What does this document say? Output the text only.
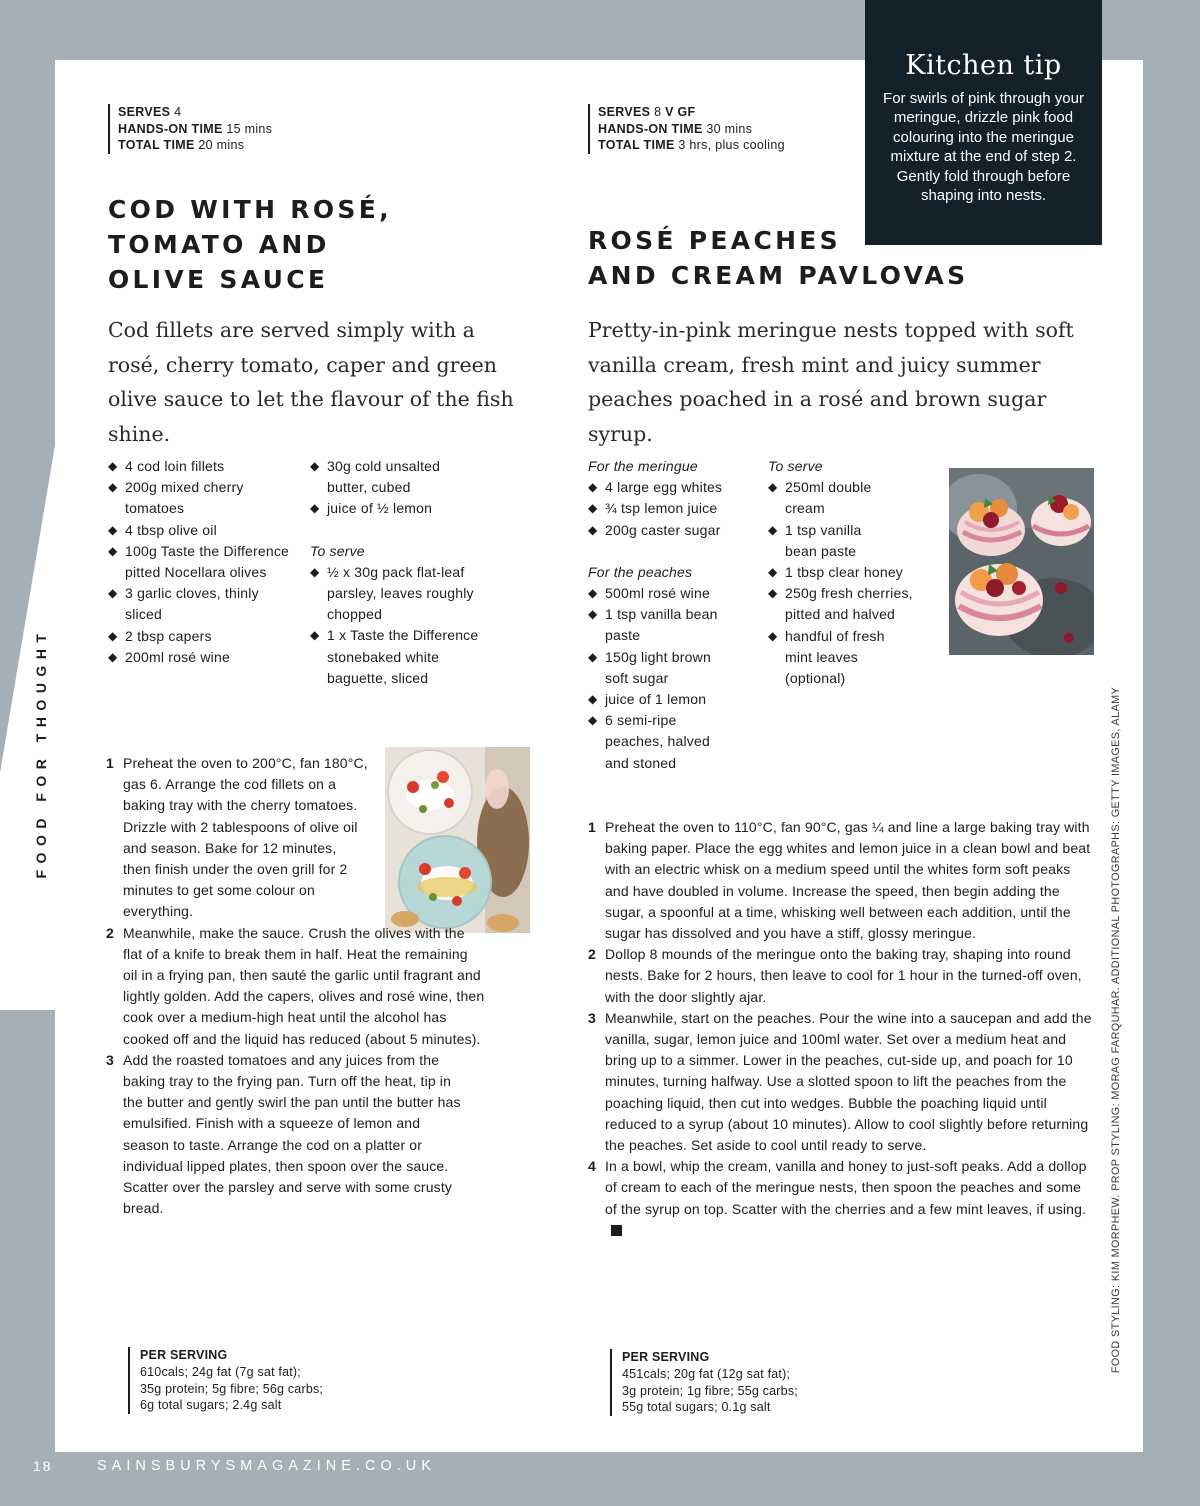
Kitchen tip
For swirls of pink through your meringue, drizzle pink food colouring into the meringue mixture at the end of step 2. Gently fold through before shaping into nests.
SERVES 4
HANDS-ON TIME 15 mins
TOTAL TIME 20 mins
SERVES 8 V GF
HANDS-ON TIME 30 mins
TOTAL TIME 3 hrs, plus cooling
COD WITH ROSÉ,
TOMATO AND
OLIVE SAUCE
ROSÉ PEACHES
AND CREAM PAVLOVAS
Cod fillets are served simply with a rosé, cherry tomato, caper and green olive sauce to let the flavour of the fish shine.
Pretty-in-pink meringue nests topped with soft vanilla cream, fresh mint and juicy summer peaches poached in a rosé and brown sugar syrup.
◆ 4 cod loin fillets
◆ 200g mixed cherry tomatoes
◆ 4 tbsp olive oil
◆ 100g Taste the Difference pitted Nocellara olives
◆ 3 garlic cloves, thinly sliced
◆ 2 tbsp capers
◆ 200ml rosé wine
◆ 30g cold unsalted butter, cubed
◆ juice of ½ lemon
To serve
◆ ½ x 30g pack flat-leaf parsley, leaves roughly chopped
◆ 1 x Taste the Difference stonebaked white baguette, sliced
For the meringue
◆ 4 large egg whites
◆ ¾ tsp lemon juice
◆ 200g caster sugar
For the peaches
◆ 500ml rosé wine
◆ 1 tsp vanilla bean paste
◆ 150g light brown soft sugar
◆ juice of 1 lemon
◆ 6 semi-ripe peaches, halved and stoned
To serve
◆ 250ml double cream
◆ 1 tsp vanilla bean paste
◆ 1 tbsp clear honey
◆ 250g fresh cherries, pitted and halved
◆ handful of fresh mint leaves (optional)
1 Preheat the oven to 200°C, fan 180°C, gas 6. Arrange the cod fillets on a baking tray with the cherry tomatoes. Drizzle with 2 tablespoons of olive oil and season. Bake for 12 minutes, then finish under the oven grill for 2 minutes to get some colour on everything.
2 Meanwhile, make the sauce. Crush the olives with the flat of a knife to break them in half. Heat the remaining oil in a frying pan, then sauté the garlic until fragrant and lightly golden. Add the capers, olives and rosé wine, then cook over a medium-high heat until the alcohol has cooked off and the liquid has reduced (about 5 minutes).
3 Add the roasted tomatoes and any juices from the baking tray to the frying pan. Turn off the heat, tip in the butter and gently swirl the pan until the butter has emulsified. Finish with a squeeze of lemon and season to taste. Arrange the cod on a platter or individual lipped plates, then spoon over the sauce. Scatter over the parsley and serve with some crusty bread.
1 Preheat the oven to 110°C, fan 90°C, gas ¼ and line a large baking tray with baking paper. Place the egg whites and lemon juice in a clean bowl and beat with an electric whisk on a medium speed until the whites form soft peaks and have doubled in volume. Increase the speed, then begin adding the sugar, a spoonful at a time, whisking well between each addition, until the sugar has dissolved and you have a stiff, glossy meringue.
2 Dollop 8 mounds of the meringue onto the baking tray, shaping into round nests. Bake for 2 hours, then leave to cool for 1 hour in the turned-off oven, with the door slightly ajar.
3 Meanwhile, start on the peaches. Pour the wine into a saucepan and add the vanilla, sugar, lemon juice and 100ml water. Set over a medium heat and bring up to a simmer. Lower in the peaches, cut-side up, and poach for 10 minutes, turning halfway. Use a slotted spoon to lift the peaches from the poaching liquid, then cut into wedges. Bubble the poaching liquid until reduced to a syrup (about 10 minutes). Allow to cool slightly before returning the peaches. Set aside to cool until ready to serve.
4 In a bowl, whip the cream, vanilla and honey to just-soft peaks. Add a dollop of cream to each of the meringue nests, then spoon the peaches and some of the syrup on top. Scatter with the cherries and a few mint leaves, if using.
PER SERVING
610cals; 24g fat (7g sat fat);
35g protein; 5g fibre; 56g carbs;
6g total sugars; 2.4g salt
PER SERVING
451cals; 20g fat (12g sat fat);
3g protein; 1g fibre; 55g carbs;
55g total sugars; 0.1g salt
FOOD FOR THOUGHT	FOOD STYLING: KIM MORPHEW. PROP STYLING: MORAG FARQUHAR. ADDITIONAL PHOTOGRAPHS: GETTY IMAGES, ALAMY
18	SAINSBURYSMAGAZINE.CO.UK
